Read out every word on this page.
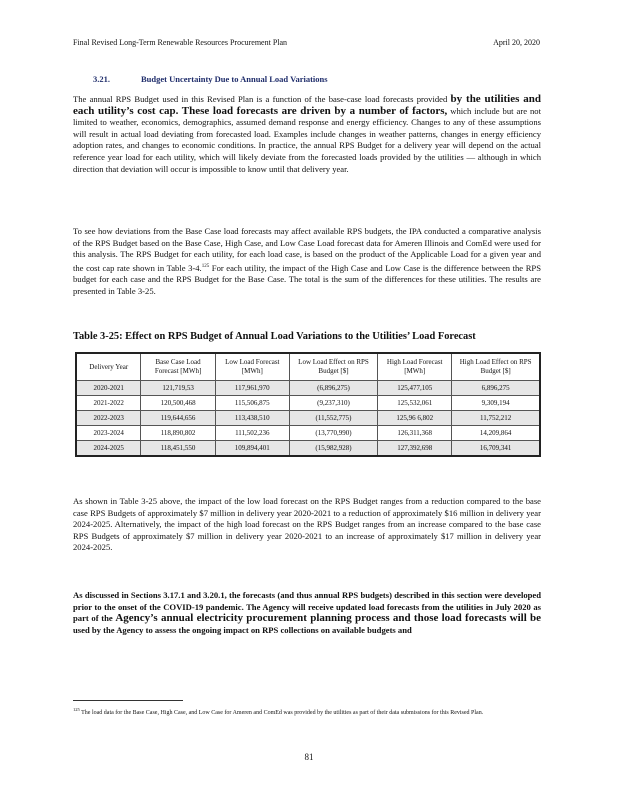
Final Revised Long-Term Renewable Resources Procurement Plan	April 20, 2020
3.21.	Budget Uncertainty Due to Annual Load Variations
The annual RPS Budget used in this Revised Plan is a function of the base-case load forecasts provided by the utilities and each utility’s cost cap. These load forecasts are driven by a number of factors, which include but are not limited to weather, economics, demographics, assumed demand response and energy efficiency. Changes to any of these assumptions will result in actual load deviating from forecasted load. Examples include changes in weather patterns, changes in energy efficiency adoption rates, and changes to economic conditions. In practice, the annual RPS Budget for a delivery year will depend on the actual reference year load for each utility, which will likely deviate from the forecasted loads provided by the utilities — although in which direction that deviation will occur is impossible to know until that delivery year.
To see how deviations from the Base Case load forecasts may affect available RPS budgets, the IPA conducted a comparative analysis of the RPS Budget based on the Base Case, High Case, and Low Case Load forecast data for Ameren Illinois and ComEd were used for this analysis. The RPS Budget for each utility, for each load case, is based on the product of the Applicable Load for a given year and the cost cap rate shown in Table 3-4.$^{125}$ For each utility, the impact of the High Case and Low Case is the difference between the RPS budget for each case and the RPS Budget for the Base Case. The total is the sum of the differences for these utilities. The results are presented in Table 3-25.
Table 3-25: Effect on RPS Budget of Annual Load Variations to the Utilities’ Load Forecast
Delivery Year	Base Case Load Forecast [MWh]	Low Load Forecast [MWh]	Low Load Effect on RPS Budget [$]	High Load Forecast [MWh]	High Load Effect on RPS Budget [$]
2020-2021	121,719,53	117,961,970	(6,896,275)	125,477,105	6,896,275
2021-2022	120,500,468	115,506,875	(9,237,310)	125,532,061	9,309,194
2022-2023	119,644,656	113,438,510	(11,552,775)	125,96 6,802	11,752,212
2023-2024	118,890,802	111,502,236	(13,770,990)	126,311,368	14,209,864
2024-2025	118,451,550	109,894,401	(15,982,928)	127,392,698	16,709,341
As shown in Table 3-25 above, the impact of the low load forecast on the RPS Budget ranges from a reduction compared to the base case RPS Budgets of approximately $7 million in delivery year 2020-2021 to a reduction of approximately $16 million in delivery year 2024-2025. Alternatively, the impact of the high load forecast on the RPS Budget ranges from an increase compared to the base case RPS Budgets of approximately $7 million in delivery year 2020-2021 to an increase of approximately $17 million in delivery year 2024-2025.
As discussed in Sections 3.17.1 and 3.20.1, the forecasts (and thus annual RPS budgets) described in this section were developed prior to the onset of the COVID-19 pandemic. The Agency will receive updated load forecasts from the utilities in July 2020 as part of the Agency’s annual electricity procurement planning process and those load forecasts will be used by the Agency to assess the ongoing impact on RPS collections on available budgets and
$^{125}$ The load data for the Base Case, High Case, and Low Case for Ameren and ComEd was provided by the utilities as part of their data submissions for this Revised Plan.
81
